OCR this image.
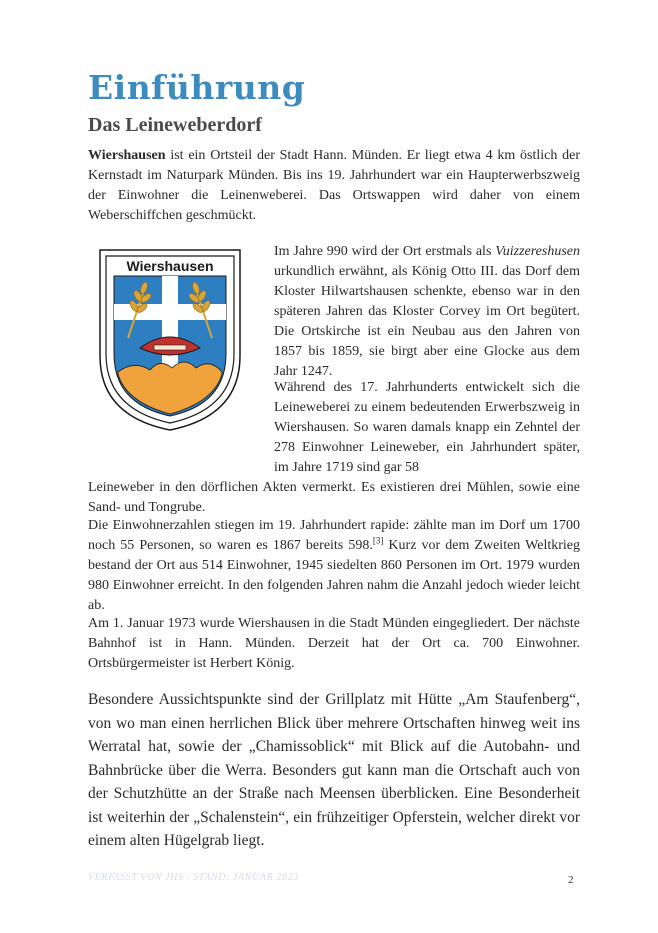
Einführung
Das Leineweberdorf

Wiershausen ist ein Ortsteil der Stadt Hann. Münden. Er liegt etwa 4 km östlich der Kernstadt im Naturpark Münden. Bis ins 19. Jahrhundert war ein Haupterwerbszweig der Einwohner die Leinenweberei. Das Ortswappen wird daher von einem Weberschiffchen geschmückt.

Wiershausen

Im Jahre 990 wird der Ort erstmals als Vuizzereshusen urkundlich erwähnt, als König Otto III. das Dorf dem Kloster Hilwartshausen schenkte, ebenso war in den späteren Jahren das Kloster Corvey im Ort begütert. Die Ortskirche ist ein Neubau aus den Jahren von 1857 bis 1859, sie birgt aber eine Glocke aus dem Jahr 1247.

Während des 17. Jahrhunderts entwickelt sich die Leineweberei zu einem bedeutenden Erwerbszweig in Wiershausen. So waren damals knapp ein Zehntel der 278 Einwohner Leineweber, ein Jahrhundert später, im Jahre 1719 sind gar 58

Leineweber in den dörflichen Akten vermerkt. Es existieren drei Mühlen, sowie eine Sand- und Tongrube.

Die Einwohnerzahlen stiegen im 19. Jahrhundert rapide: zählte man im Dorf um 1700 noch 55 Personen, so waren es 1867 bereits 598.[3] Kurz vor dem Zweiten Weltkrieg bestand der Ort aus 514 Einwohner, 1945 siedelten 860 Personen im Ort. 1979 wurden 980 Einwohner erreicht. In den folgenden Jahren nahm die Anzahl jedoch wieder leicht ab.

Am 1. Januar 1973 wurde Wiershausen in die Stadt Münden eingegliedert. Der nächste Bahnhof ist in Hann. Münden. Derzeit hat der Ort ca. 700 Einwohner. Ortsbürgermeister ist Herbert König.

Besondere Aussichtspunkte sind der Grillplatz mit Hütte „Am Staufenberg“, von wo man einen herrlichen Blick über mehrere Ortschaften hinweg weit ins Werratal hat, sowie der „Chamissoblick“ mit Blick auf die Autobahn- und Bahnbrücke über die Werra. Besonders gut kann man die Ortschaft auch von der Schutzhütte an der Straße nach Meensen überblicken. Eine Besonderheit ist weiterhin der „Schalenstein“, ein frühzeitiger Opferstein, welcher direkt vor einem alten Hügelgrab liegt.

VERFASST VON JHS / STAND: JANUAR 2023	2
